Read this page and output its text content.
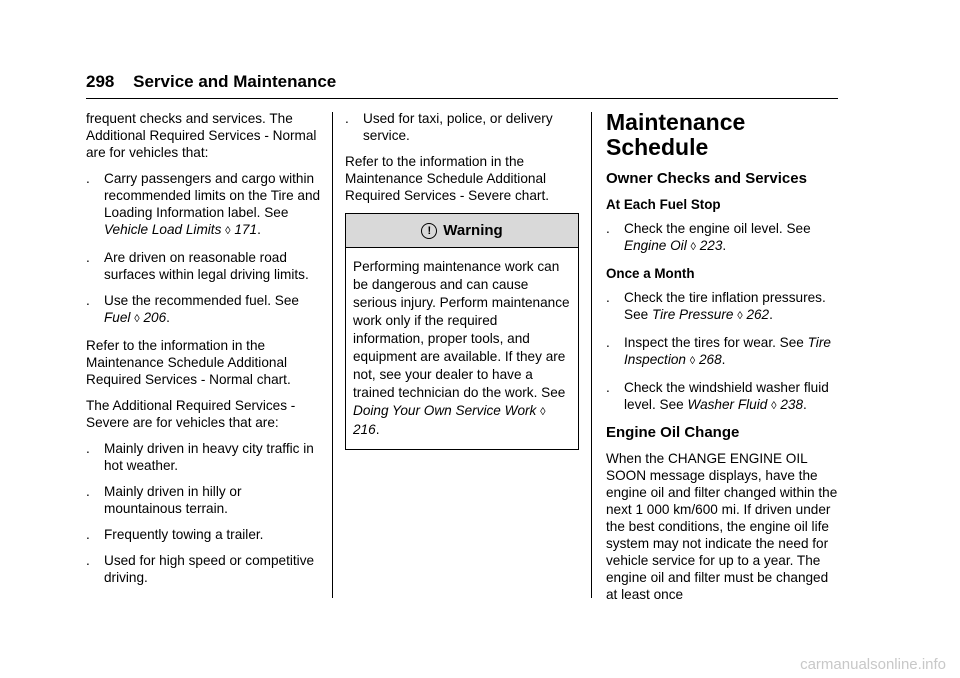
298 Service and Maintenance

frequent checks and services. The Additional Required Services - Normal are for vehicles that:

. Carry passengers and cargo within recommended limits on the Tire and Loading Information label. See Vehicle Load Limits ◊ 171.
. Are driven on reasonable road surfaces within legal driving limits.
. Use the recommended fuel. See Fuel ◊ 206.

Refer to the information in the Maintenance Schedule Additional Required Services - Normal chart.

The Additional Required Services - Severe are for vehicles that are:

. Mainly driven in heavy city traffic in hot weather.
. Mainly driven in hilly or mountainous terrain.
. Frequently towing a trailer.
. Used for high speed or competitive driving.
. Used for taxi, police, or delivery service.

Refer to the information in the Maintenance Schedule Additional Required Services - Severe chart.

! Warning

Performing maintenance work can be dangerous and can cause serious injury. Perform maintenance work only if the required information, proper tools, and equipment are available. If they are not, see your dealer to have a trained technician do the work. See Doing Your Own Service Work ◊ 216.

Maintenance Schedule
Owner Checks and Services
At Each Fuel Stop
. Check the engine oil level. See Engine Oil ◊ 223.
Once a Month
. Check the tire inflation pressures. See Tire Pressure ◊ 262.
. Inspect the tires for wear. See Tire Inspection ◊ 268.
. Check the windshield washer fluid level. See Washer Fluid ◊ 238.
Engine Oil Change

When the CHANGE ENGINE OIL SOON message displays, have the engine oil and filter changed within the next 1 000 km/600 mi. If driven under the best conditions, the engine oil life system may not indicate the need for vehicle service for up to a year. The engine oil and filter must be changed at least once

carmanualsonline.info
